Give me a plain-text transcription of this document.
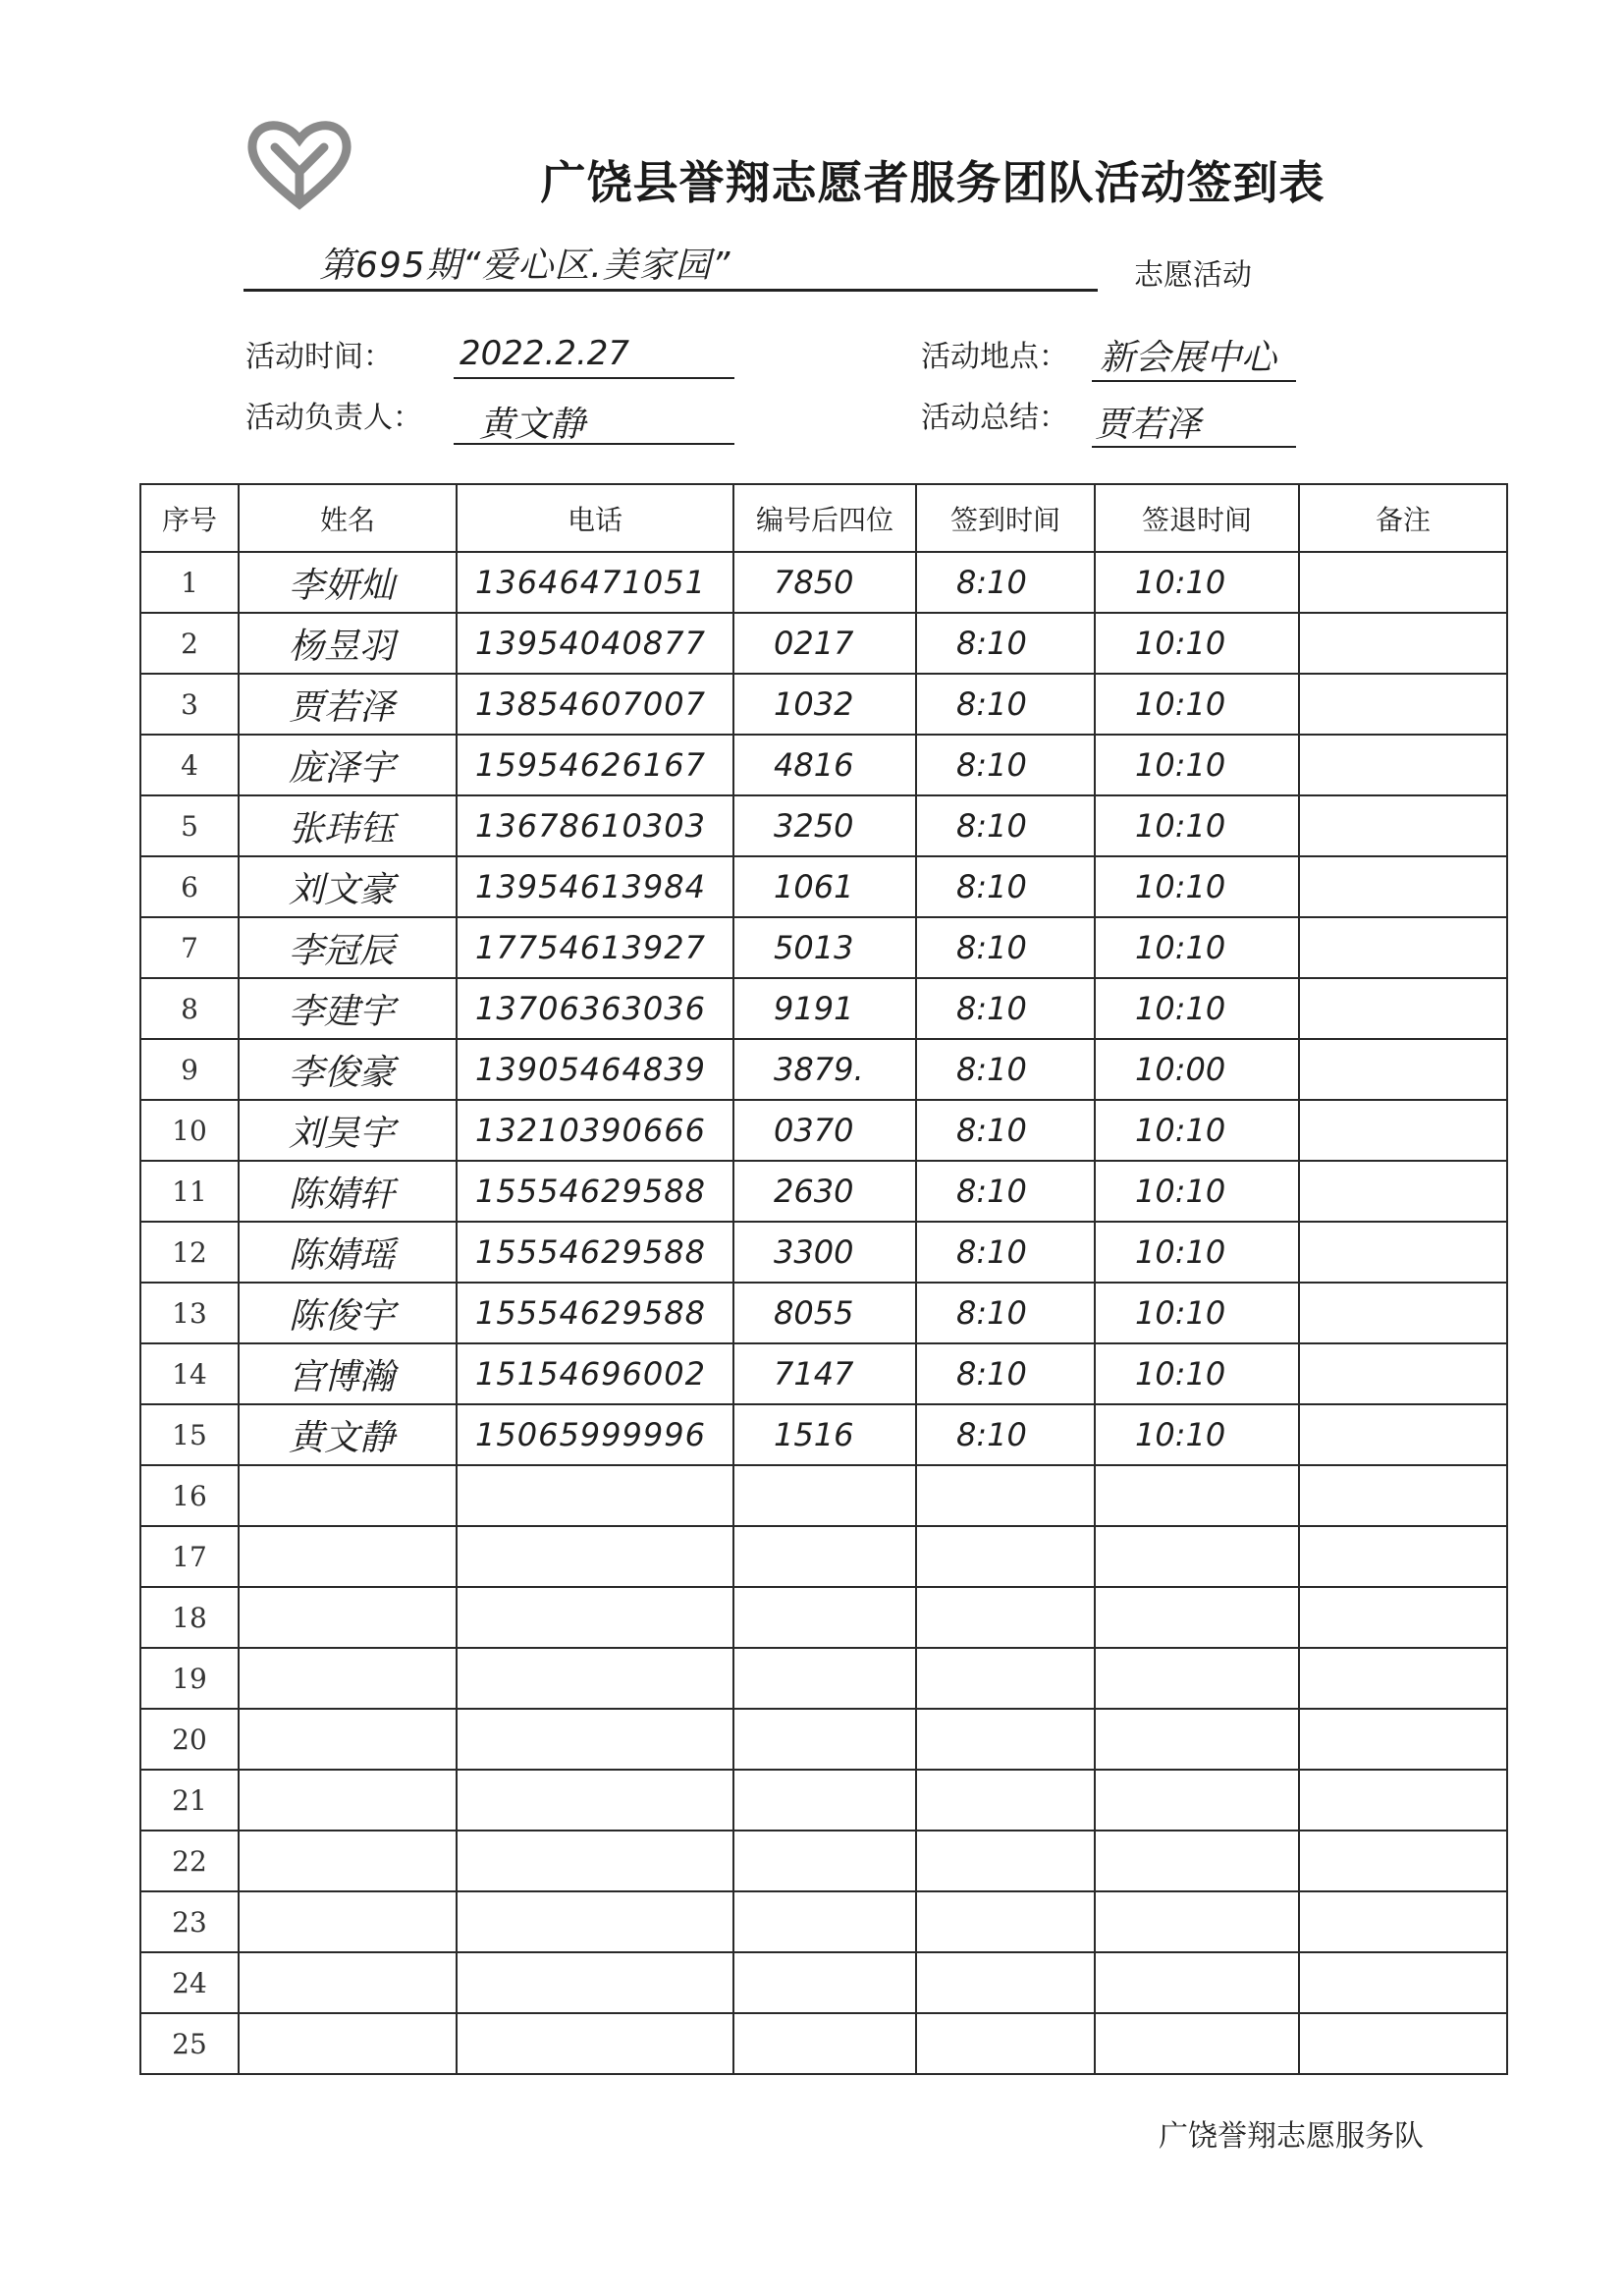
广饶县誉翔志愿者服务团队活动签到表
第695期“爱心区.美家园”	志愿活动
活动时间： 2022.2.27	活动地点： 新会展中心
活动负责人： 黄文静	活动总结： 贾若泽
序号	姓名	电话	编号后四位	签到时间	签退时间	备注
1	李妍灿	13646471051	7850	8:10	10:10	

2	杨昱羽	13954040877	0217	8:10	10:10	

3	贾若泽	13854607007	1032	8:10	10:10	

4	庞泽宇	15954626167	4816	8:10	10:10	

5	张玮钰	13678610303	3250	8:10	10:10	

6	刘文豪	13954613984	1061	8:10	10:10	

7	李冠辰	17754613927	5013	8:10	10:10	

8	李建宇	13706363036	9191	8:10	10:10	

9	李俊豪	13905464839	3879.	8:10	10:00	

10	刘昊宇	13210390666	0370	8:10	10:10	

11	陈婧轩	15554629588	2630	8:10	10:10	

12	陈婧瑶	15554629588	3300	8:10	10:10	

13	陈俊宇	15554629588	8055	8:10	10:10	

14	宫博瀚	15154696002	7147	8:10	10:10	

15	黄文静	15065999996	1516	8:10	10:10	

16	

17	

18	

19	

20	

21	

22	

23	

24	

25	

广饶誉翔志愿服务队
